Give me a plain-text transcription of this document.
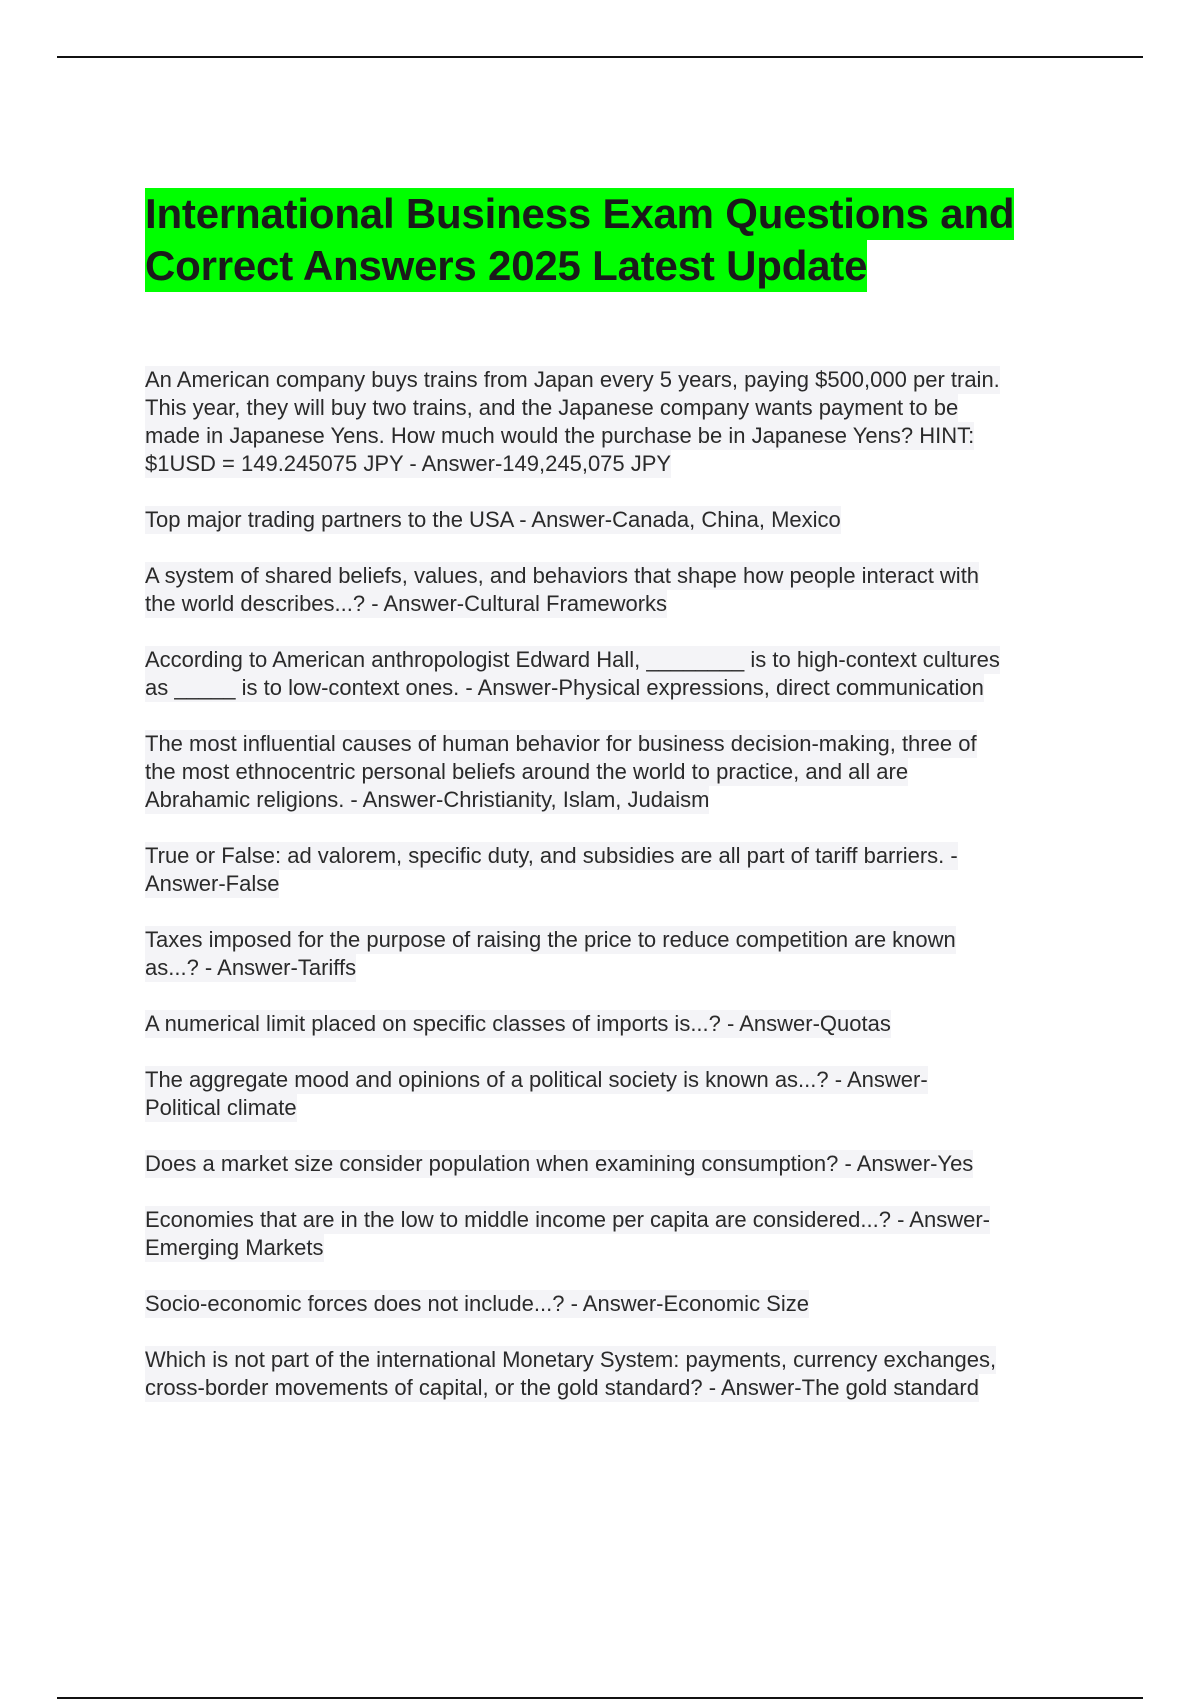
International Business Exam Questions and
Correct Answers 2025 Latest Update
An American company buys trains from Japan every 5 years, paying $500,000 per train.
This year, they will buy two trains, and the Japanese company wants payment to be
made in Japanese Yens. How much would the purchase be in Japanese Yens? HINT:
$1USD = 149.245075 JPY - Answer-149,245,075 JPY
Top major trading partners to the USA - Answer-Canada, China, Mexico
A system of shared beliefs, values, and behaviors that shape how people interact with
the world describes...? - Answer-Cultural Frameworks
According to American anthropologist Edward Hall, ________ is to high-context cultures
as _____ is to low-context ones. - Answer-Physical expressions, direct communication
The most influential causes of human behavior for business decision-making, three of
the most ethnocentric personal beliefs around the world to practice, and all are
Abrahamic religions. - Answer-Christianity, Islam, Judaism
True or False: ad valorem, specific duty, and subsidies are all part of tariff barriers. -
Answer-False
Taxes imposed for the purpose of raising the price to reduce competition are known
as...? - Answer-Tariffs
A numerical limit placed on specific classes of imports is...? - Answer-Quotas
The aggregate mood and opinions of a political society is known as...? - Answer-
Political climate
Does a market size consider population when examining consumption? - Answer-Yes
Economies that are in the low to middle income per capita are considered...? - Answer-
Emerging Markets
Socio-economic forces does not include...? - Answer-Economic Size
Which is not part of the international Monetary System: payments, currency exchanges,
cross-border movements of capital, or the gold standard? - Answer-The gold standard
